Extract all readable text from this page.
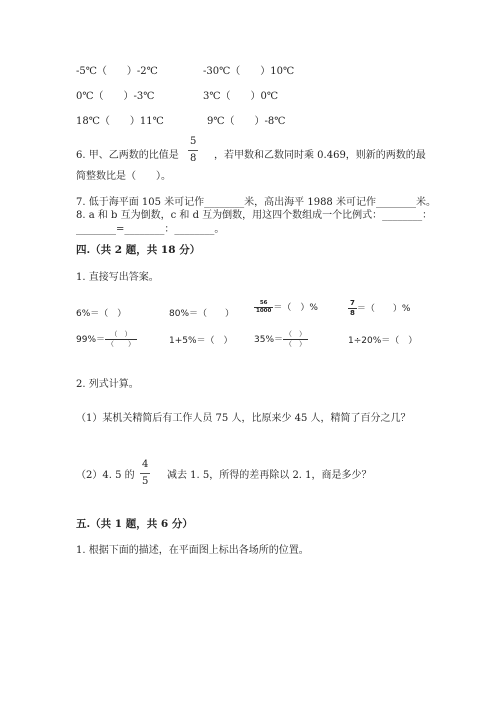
-5℃（　　）-2℃	-30℃（　　）10℃
0℃（　　）-3℃	3℃（　　）0℃
18℃（　　）11℃	9℃（　　）-8℃
6. 甲、乙两数的比值是 $\frac{5}{8}$ ，若甲数和乙数同时乘 0.469，则新的两数的最
简整数比是（　　）。
7. 低于海平面 105 米可记作________米，高出海平 1988 米可记作________米。
8. a 和 b 互为倒数，c 和 d 互为倒数，用这四个数组成一个比例式：________：
________=________：________。
四.（共 2 题，共 18 分）
1. 直接写出答案。
6%＝（　）	80%＝（　　）	$\frac{56}{1000}$ ＝（　）%	$\frac{7}{8}$ ＝（　　）%
$99\%= \frac{( )}{( )}$	1+5%＝（　） $35\%= \frac{( )}{( )}$	1÷20%＝（　）
2. 列式计算。
（1）某机关精简后有工作人员 75 人，比原来少 45 人，精简了百分之几？
（2）4. 5 的 $\frac{4}{5}$ 减去 1. 5，所得的差再除以 2. 1，商是多少？
五.（共 1 题，共 6 分）
1. 根据下面的描述，在平面图上标出各场所的位置。
